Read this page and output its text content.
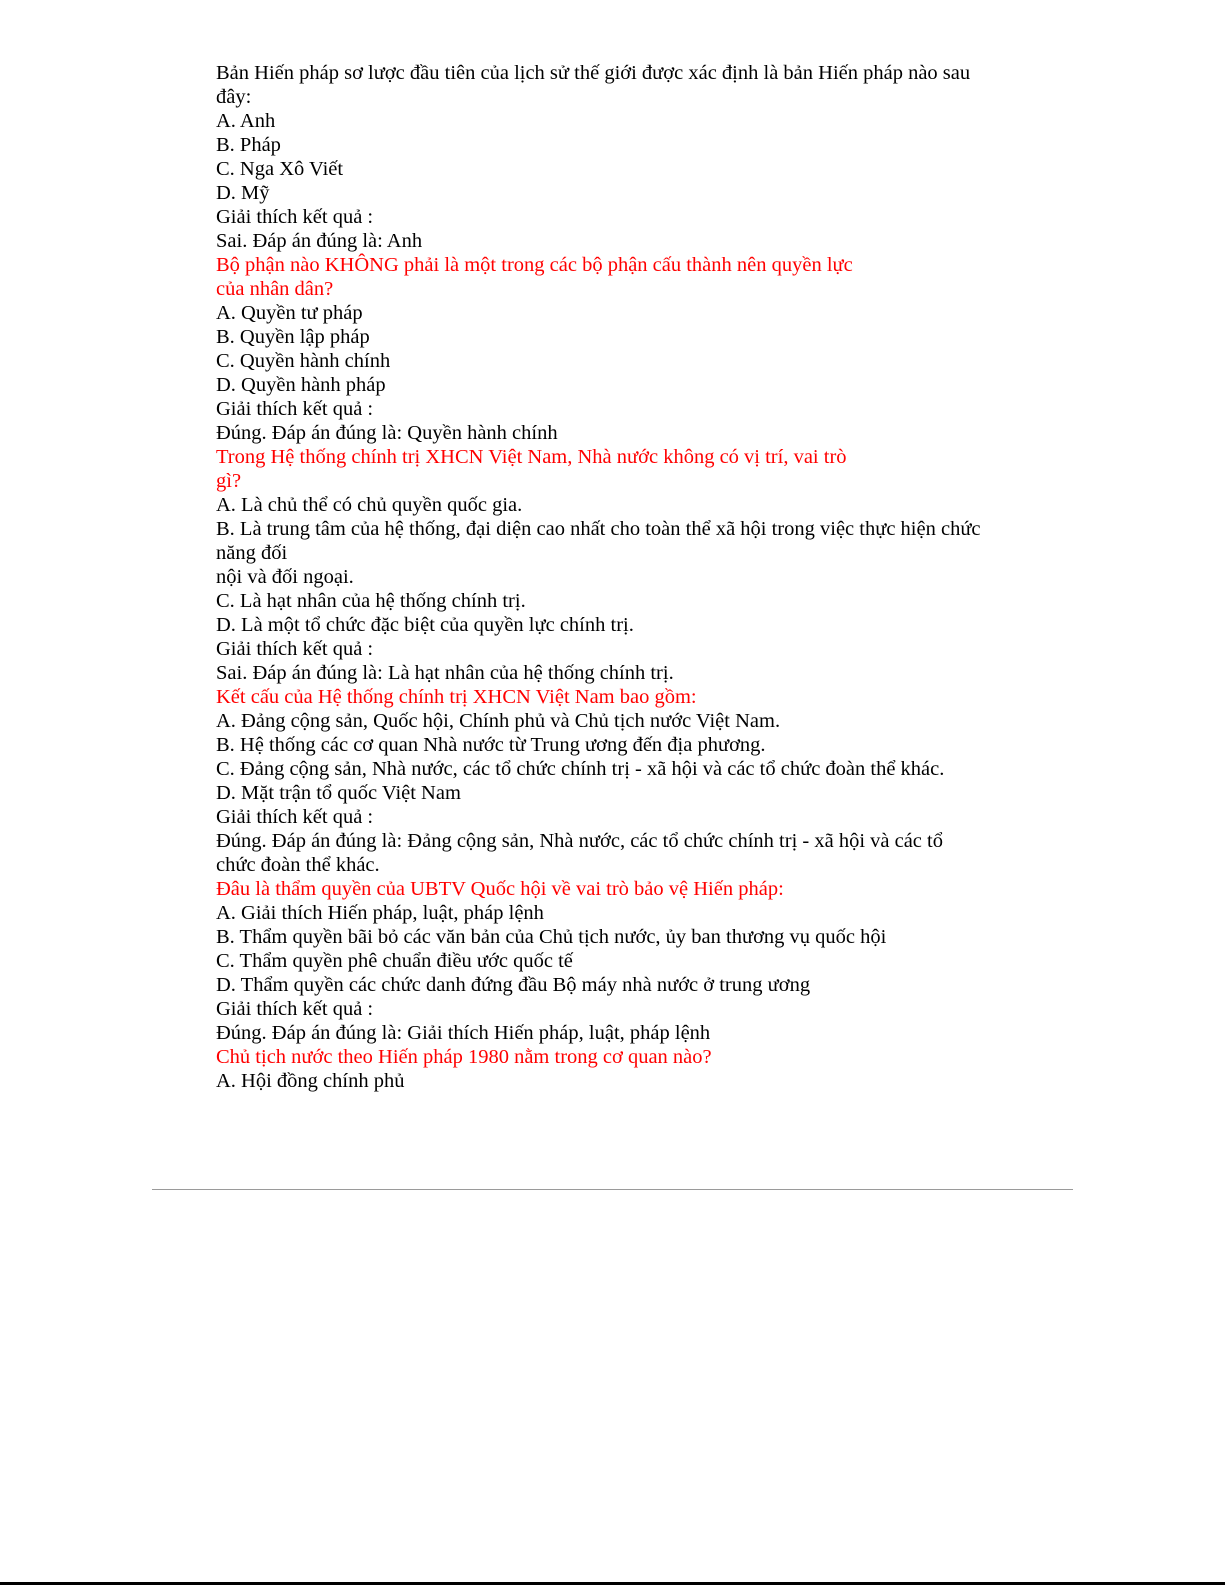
Bản Hiến pháp sơ lược đầu tiên của lịch sử thế giới được xác định là bản Hiến pháp nào sau
đây:
A. Anh
B. Pháp
C. Nga Xô Viết
D. Mỹ
Giải thích kết quả :
Sai. Đáp án đúng là: Anh
Bộ phận nào KHÔNG phải là một trong các bộ phận cấu thành nên quyền lực
của nhân dân?
A. Quyền tư pháp
B. Quyền lập pháp
C. Quyền hành chính
D. Quyền hành pháp
Giải thích kết quả :
Đúng. Đáp án đúng là: Quyền hành chính
Trong Hệ thống chính trị XHCN Việt Nam, Nhà nước không có vị trí, vai trò
gì?
A. Là chủ thể có chủ quyền quốc gia.
B. Là trung tâm của hệ thống, đại diện cao nhất cho toàn thể xã hội trong việc thực hiện chức
năng đối
nội và đối ngoại.
C. Là hạt nhân của hệ thống chính trị.
D. Là một tổ chức đặc biệt của quyền lực chính trị.
Giải thích kết quả :
Sai. Đáp án đúng là: Là hạt nhân của hệ thống chính trị.
Kết cấu của Hệ thống chính trị XHCN Việt Nam bao gồm:
A. Đảng cộng sản, Quốc hội, Chính phủ và Chủ tịch nước Việt Nam.
B. Hệ thống các cơ quan Nhà nước từ Trung ương đến địa phương.
C. Đảng cộng sản, Nhà nước, các tổ chức chính trị - xã hội và các tổ chức đoàn thể khác.
D. Mặt trận tổ quốc Việt Nam
Giải thích kết quả :
Đúng. Đáp án đúng là: Đảng cộng sản, Nhà nước, các tổ chức chính trị - xã hội và các tổ
chức đoàn thể khác.
Đâu là thẩm quyền của UBTV Quốc hội về vai trò bảo vệ Hiến pháp:
A. Giải thích Hiến pháp, luật, pháp lệnh
B. Thẩm quyền bãi bỏ các văn bản của Chủ tịch nước, ủy ban thương vụ quốc hội
C. Thẩm quyền phê chuẩn điều ước quốc tế
D. Thẩm quyền các chức danh đứng đầu Bộ máy nhà nước ở trung ương
Giải thích kết quả :
Đúng. Đáp án đúng là: Giải thích Hiến pháp, luật, pháp lệnh
Chủ tịch nước theo Hiến pháp 1980 nằm trong cơ quan nào?
A. Hội đồng chính phủ
